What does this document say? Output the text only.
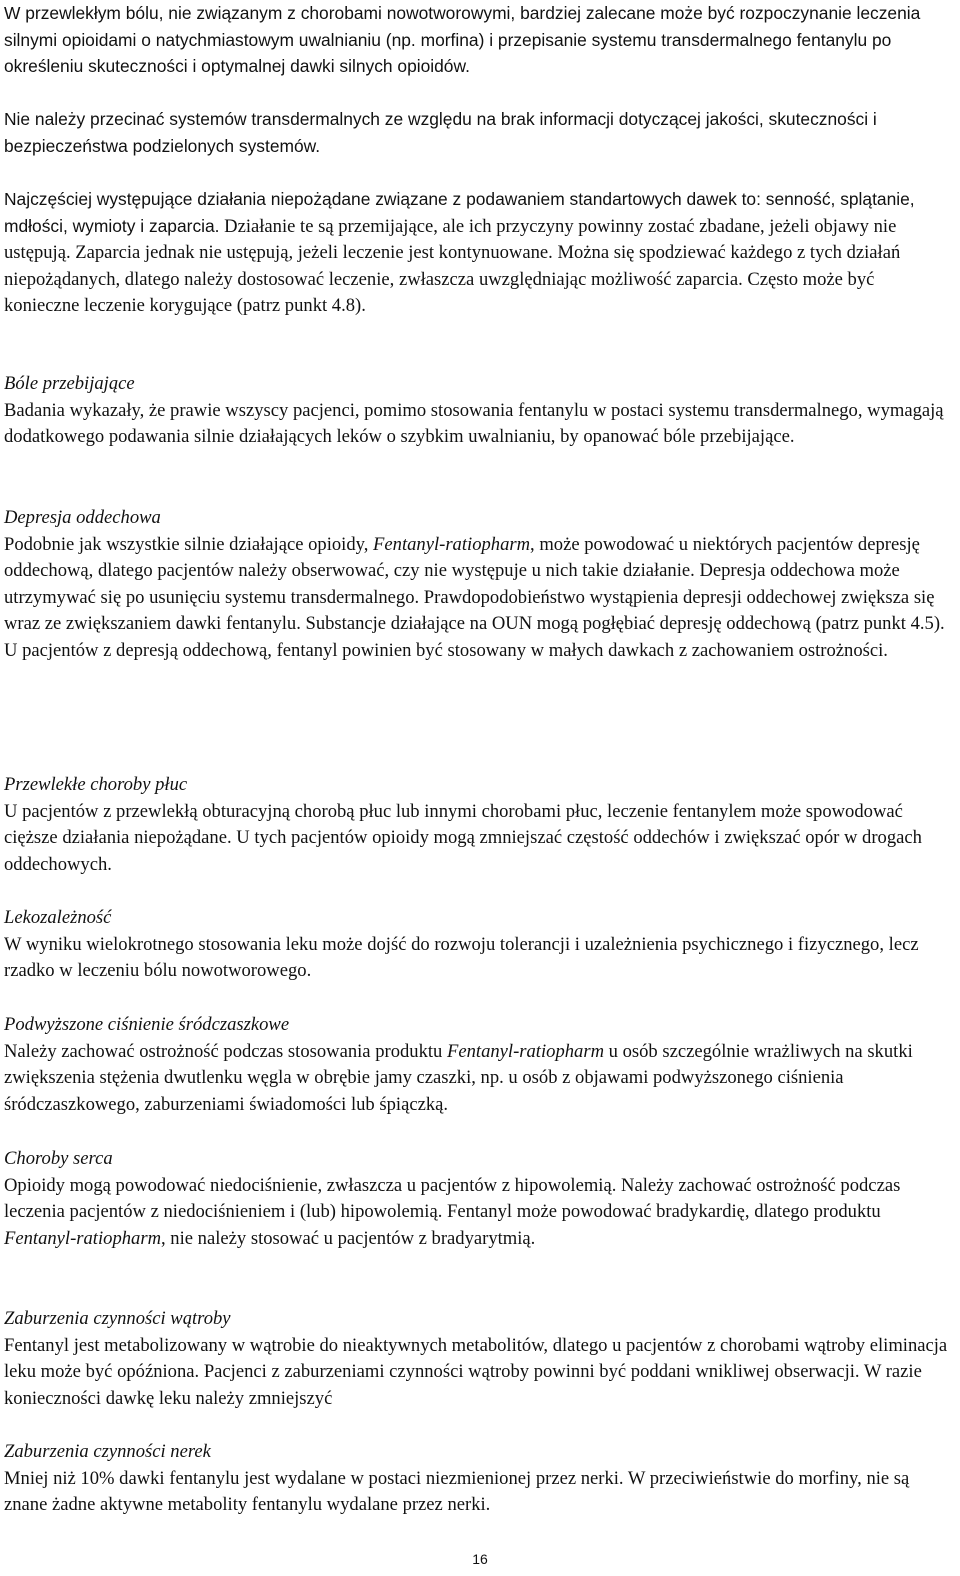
W przewlekłym bólu, nie związanym z chorobami nowotworowymi, bardziej zalecane może być rozpoczynanie leczenia silnymi opioidami o natychmiastowym uwalnianiu (np. morfina) i przepisanie systemu transdermalnego fentanylu po określeniu skuteczności i optymalnej dawki silnych opioidów.

Nie należy przecinać systemów transdermalnych ze względu na brak informacji dotyczącej jakości, skuteczności i bezpieczeństwa podzielonych systemów.

Najczęściej występujące działania niepożądane związane z podawaniem standartowych dawek to: senność, splątanie, mdłości, wymioty i zaparcia. Działanie te są przemijające, ale ich przyczyny powinny zostać zbadane, jeżeli objawy nie ustępują. Zaparcia jednak nie ustępują, jeżeli leczenie jest kontynuowane. Można się spodziewać każdego z tych działań niepożądanych, dlatego należy dostosować leczenie, zwłaszcza uwzględniając możliwość zaparcia. Często może być konieczne leczenie korygujące (patrz punkt 4.8).

Bóle przebijające

Badania wykazały, że prawie wszyscy pacjenci, pomimo stosowania fentanylu w postaci systemu transdermalnego, wymagają dodatkowego podawania silnie działających leków o szybkim uwalnianiu, by opanować bóle przebijające.

Depresja oddechowa

Podobnie jak wszystkie silnie działające opioidy, Fentanyl-ratiopharm, może powodować u niektórych pacjentów depresję oddechową, dlatego pacjentów należy obserwować, czy nie występuje u nich takie działanie. Depresja oddechowa może utrzymywać się po usunięciu systemu transdermalnego. Prawdopodobieństwo wystąpienia depresji oddechowej zwiększa się wraz ze zwiększaniem dawki fentanylu. Substancje działające na OUN mogą pogłębiać depresję oddechową (patrz punkt 4.5).

U pacjentów z depresją oddechową, fentanyl powinien być stosowany w małych dawkach z zachowaniem ostrożności.

Przewlekłe choroby płuc

U pacjentów z przewlekłą obturacyjną chorobą płuc lub innymi chorobami płuc, leczenie fentanylem może spowodować cięższe działania niepożądane. U tych pacjentów opioidy mogą zmniejszać częstość oddechów i zwiększać opór w drogach oddechowych.

Lekozależność

W wyniku wielokrotnego stosowania leku może dojść do rozwoju tolerancji i uzależnienia psychicznego i fizycznego, lecz rzadko w leczeniu bólu nowotworowego.

Podwyższone ciśnienie śródczaszkowe

Należy zachować ostrożność podczas stosowania produktu Fentanyl-ratiopharm u osób szczególnie wrażliwych na skutki zwiększenia stężenia dwutlenku węgla w obrębie jamy czaszki, np. u osób z objawami podwyższonego ciśnienia śródczaszkowego, zaburzeniami świadomości lub śpiączką.

Choroby serca

Opioidy mogą powodować niedociśnienie, zwłaszcza u pacjentów z hipowolemią. Należy zachować ostrożność podczas leczenia pacjentów z niedociśnieniem i (lub) hipowolemią. Fentanyl może powodować bradykardię, dlatego produktu Fentanyl-ratiopharm, nie należy stosować u pacjentów z bradyarytmią.

Zaburzenia czynności wątroby

Fentanyl jest metabolizowany w wątrobie do nieaktywnych metabolitów, dlatego u pacjentów z chorobami wątroby eliminacja leku może być opóźniona. Pacjenci z zaburzeniami czynności wątroby powinni być poddani wnikliwej obserwacji. W razie konieczności dawkę leku należy zmniejszyć

Zaburzenia czynności nerek

Mniej niż 10% dawki fentanylu jest wydalane w postaci niezmienionej przez nerki. W przeciwieństwie do morfiny, nie są znane żadne aktywne metabolity fentanylu wydalane przez nerki.

16
